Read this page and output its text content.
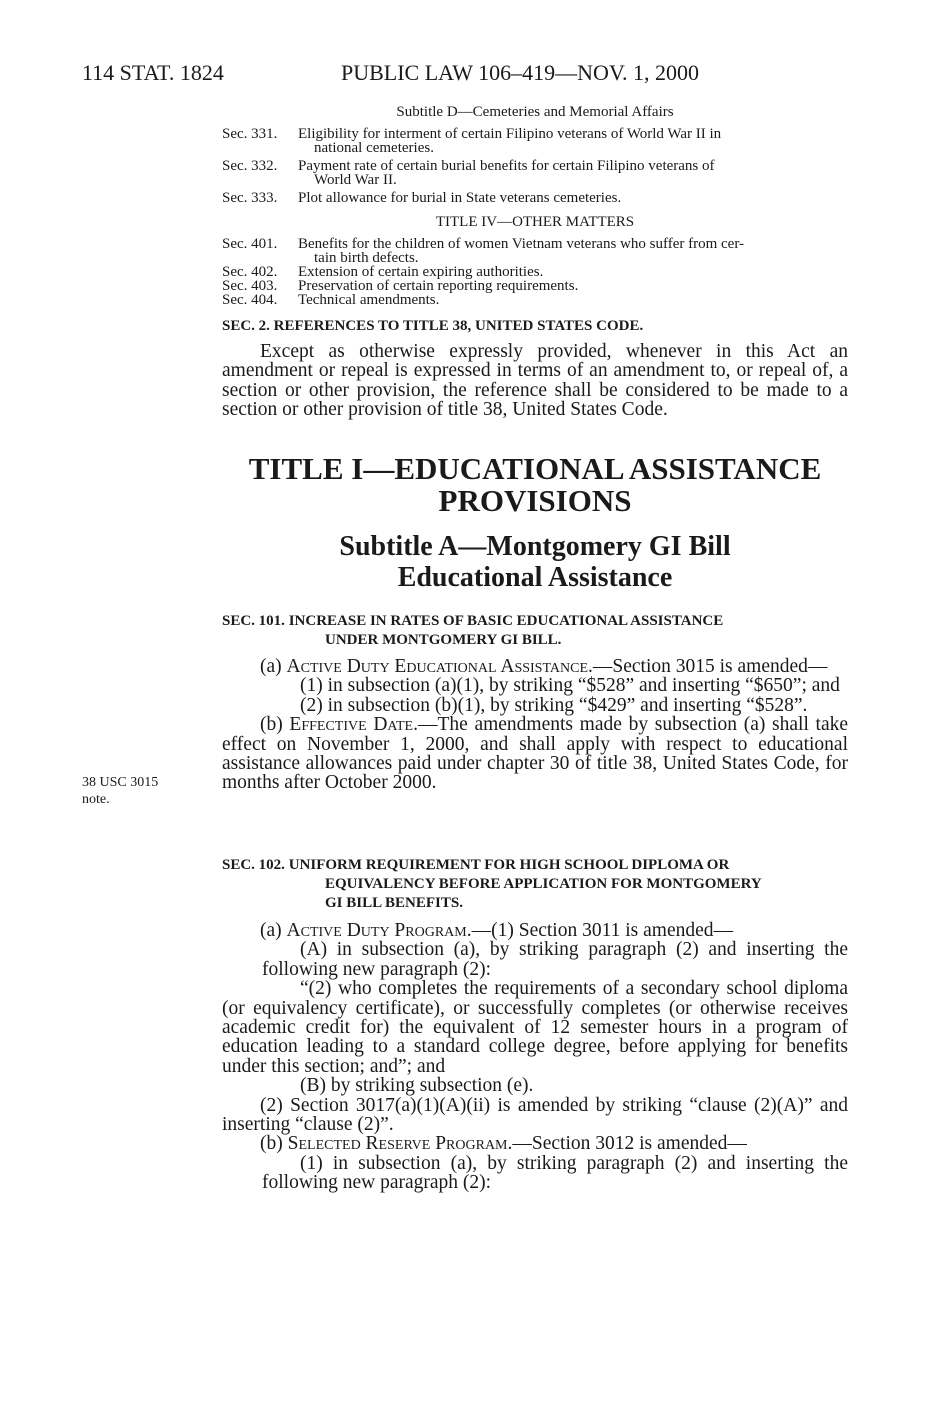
114 STAT. 1824	PUBLIC LAW 106–419—NOV. 1, 2000

Subtitle D—Cemeteries and Memorial Affairs

Sec. 331.	Eligibility for interment of certain Filipino veterans of World War II in
national cemeteries.
Sec. 332.	Payment rate of certain burial benefits for certain Filipino veterans of
World War II.
Sec. 333.	Plot allowance for burial in State veterans cemeteries.

TITLE IV—OTHER MATTERS

Sec. 401.	Benefits for the children of women Vietnam veterans who suffer from cer-
tain birth defects.
Sec. 402.	Extension of certain expiring authorities.
Sec. 403.	Preservation of certain reporting requirements.
Sec. 404.	Technical amendments.
SEC. 2. REFERENCES TO TITLE 38, UNITED STATES CODE.

Except as otherwise expressly provided, whenever in this Act an amendment or repeal is expressed in terms of an amendment to, or repeal of, a section or other provision, the reference shall be considered to be made to a section or other provision of title 38, United States Code.

TITLE I—EDUCATIONAL ASSISTANCE
PROVISIONS
Subtitle A—Montgomery GI Bill
Educational Assistance
SEC. 101. INCREASE IN RATES OF BASIC EDUCATIONAL ASSISTANCE
UNDER MONTGOMERY GI BILL.

(a) Active Duty Educational Assistance.—Section 3015 is amended—

(1) in subsection (a)(1), by striking “$528” and inserting “$650”; and

(2) in subsection (b)(1), by striking “$429” and inserting “$528”.

(b) Effective Date.—The amendments made by subsection (a) shall take effect on November 1, 2000, and shall apply with respect to educational assistance allowances paid under chapter 30 of title 38, United States Code, for months after October 2000.

38 USC 3015
note.
SEC. 102. UNIFORM REQUIREMENT FOR HIGH SCHOOL DIPLOMA OR
EQUIVALENCY BEFORE APPLICATION FOR MONTGOMERY
GI BILL BENEFITS.

(a) Active Duty Program.—(1) Section 3011 is amended—

(A) in subsection (a), by striking paragraph (2) and inserting the following new paragraph (2):

“(2) who completes the requirements of a secondary school diploma (or equivalency certificate), or successfully completes (or otherwise receives academic credit for) the equivalent of 12 semester hours in a program of education leading to a standard college degree, before applying for benefits under this section; and”; and

(B) by striking subsection (e).

(2) Section 3017(a)(1)(A)(ii) is amended by striking “clause (2)(A)” and inserting “clause (2)”.

(b) Selected Reserve Program.—Section 3012 is amended—

(1) in subsection (a), by striking paragraph (2) and inserting the following new paragraph (2):
